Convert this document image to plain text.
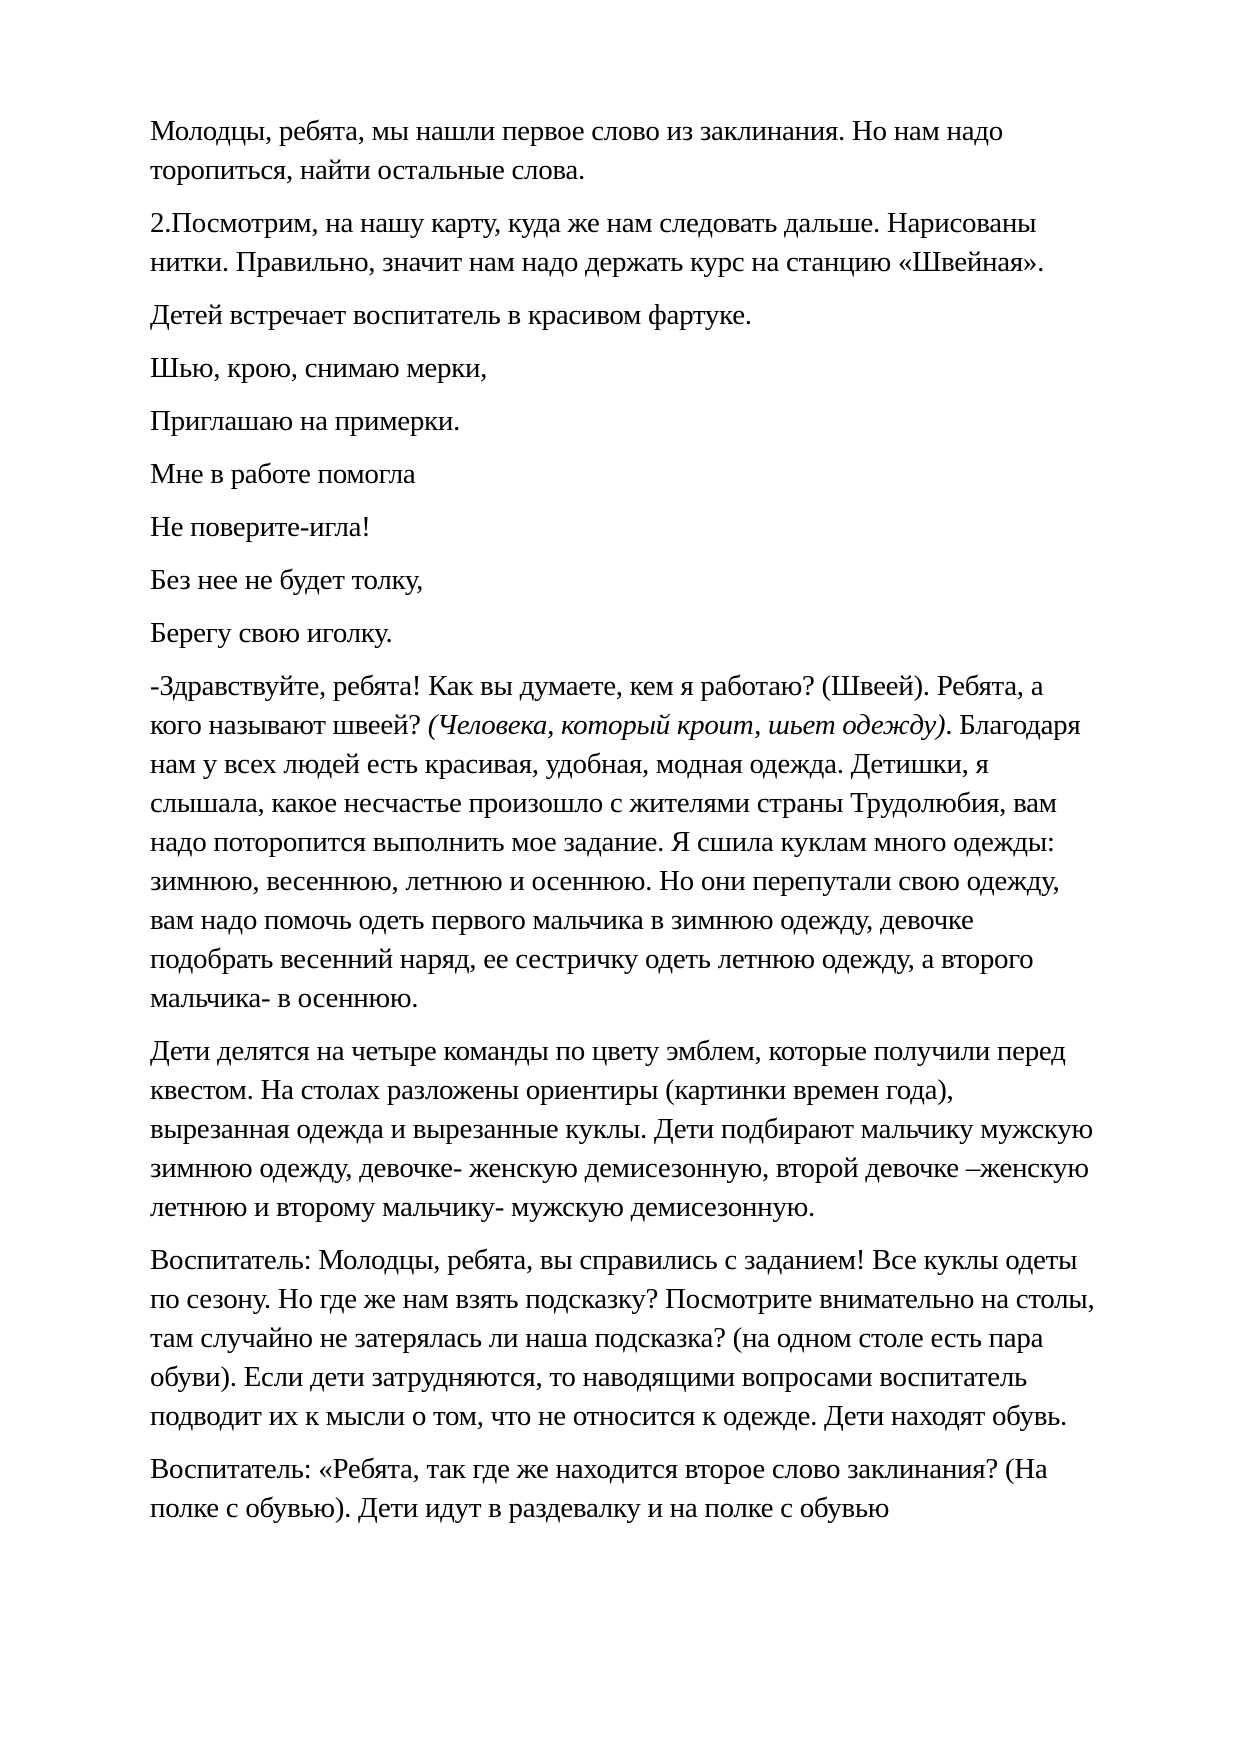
Молодцы, ребята, мы нашли первое слово из заклинания. Но нам надо торопиться, найти остальные слова.

2.Посмотрим, на нашу карту, куда же нам следовать дальше. Нарисованы нитки. Правильно, значит нам надо держать курс на станцию «Швейная».

Детей встречает воспитатель в красивом фартуке.

Шью, крою, снимаю мерки,

Приглашаю на примерки.

Мне в работе помогла

Не поверите-игла!

Без нее не будет толку,

Берегу свою иголку.

-Здравствуйте, ребята! Как вы думаете, кем я работаю? (Швеей). Ребята, а кого называют швеей? (Человека, который кроит, шьет одежду). Благодаря нам у всех людей есть красивая, удобная, модная одежда. Детишки, я слышала, какое несчастье произошло с жителями страны Трудолюбия, вам надо поторопится выполнить мое задание. Я сшила куклам много одежды: зимнюю, весеннюю, летнюю и осеннюю. Но они перепутали свою одежду, вам надо помочь одеть первого мальчика в зимнюю одежду, девочке подобрать весенний наряд, ее сестричку одеть летнюю одежду, а второго мальчика- в осеннюю.

Дети делятся на четыре команды по цвету эмблем, которые получили перед квестом. На столах разложены ориентиры (картинки времен года), вырезанная одежда и вырезанные куклы. Дети подбирают мальчику мужскую зимнюю одежду, девочке- женскую демисезонную, второй девочке –женскую летнюю и второму мальчику- мужскую демисезонную.

Воспитатель: Молодцы, ребята, вы справились с заданием! Все куклы одеты по сезону. Но где же нам взять подсказку? Посмотрите внимательно на столы, там случайно не затерялась ли наша подсказка? (на одном столе есть пара обуви). Если дети затрудняются, то наводящими вопросами воспитатель подводит их к мысли о том, что не относится к одежде. Дети находят обувь.

Воспитатель: «Ребята, так где же находится второе слово заклинания? (На полке с обувью). Дети идут в раздевалку и на полке с обувью
